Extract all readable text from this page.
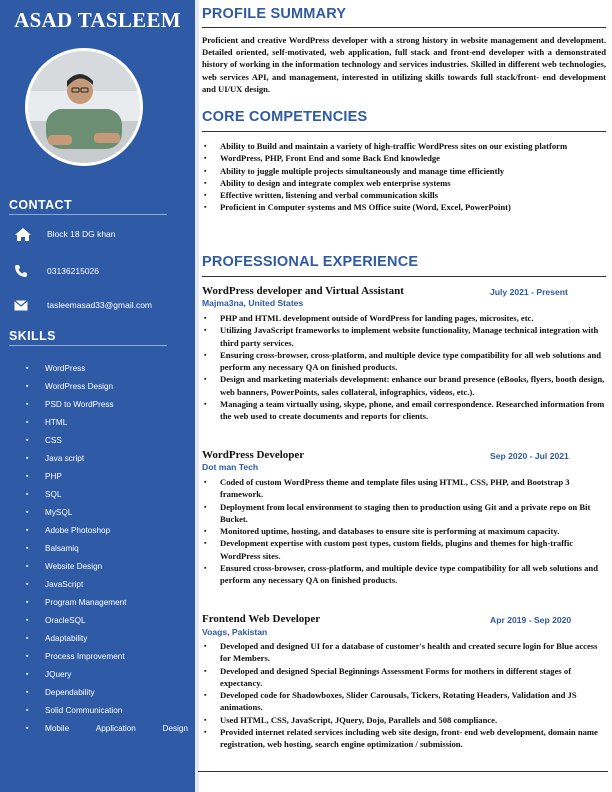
ASAD TASLEEM
CONTACT
Block 18 DG khan
03136215026
tasleemasad33@gmail.com
SKILLS
▪	WordPress
▪	WordPress Design
▪	PSD to WordPress
▪	HTML
▪	CSS
▪	Java script
▪	PHP
▪	SQL
▪	MySQL
▪	Adobe Photoshop
▪	Balsamiq
▪	Website Design
▪	JavaScript
▪	Program Management
▪	OracleSQL
▪	Adaptability
▪	Process Improvement
▪	JQuery
▪	Dependability
▪	Solid Communication
▪	Mobile	Application	Design
PROFILE SUMMARY
Proficient and creative WordPress developer with a strong history in website management and development. Detailed oriented, self-motivated, web application, full stack and front-end developer with a demonstrated history of working in the information technology and services industries. Skilled in different web technologies, web services API, and management, interested in utilizing skills towards full stack/front- end development and UI/UX design.
CORE COMPETENCIES
▪ Ability to Build and maintain a variety of high-traffic WordPress sites on our existing platform
▪ WordPress, PHP, Front End and some Back End knowledge
▪ Ability to juggle multiple projects simultaneously and manage time efficiently
▪ Ability to design and integrate complex web enterprise systems
▪ Effective written, listening and verbal communication skills
▪ Proficient in Computer systems and MS Office suite (Word, Excel, PowerPoint)
PROFESSIONAL EXPERIENCE
WordPress developer and Virtual Assistant	July 2021 - Present
Majma3na, United States
▪ PHP and HTML development outside of WordPress for landing pages, microsites, etc.
▪ Utilizing JavaScript frameworks to implement website functionality, Manage technical integration with third party services.
▪ Ensuring cross-browser, cross-platform, and multiple device type compatibility for all web solutions and perform any necessary QA on finished products.
▪ Design and marketing materials development: enhance our brand presence (eBooks, flyers, booth design, web banners, PowerPoints, sales collateral, infographics, videos, etc.).
▪ Managing a team virtually using, skype, phone, and email correspondence. Researched information from the web used to create documents and reports for clients.
WordPress Developer	Sep 2020 - Jul 2021
Dot man Tech
▪ Coded of custom WordPress theme and template files using HTML, CSS, PHP, and Bootstrap 3 framework.
▪ Deployment from local environment to staging then to production using Git and a private repo on Bit Bucket.
▪ Monitored uptime, hosting, and databases to ensure site is performing at maximum capacity.
▪ Development expertise with custom post types, custom fields, plugins and themes for high-traffic WordPress sites.
▪ Ensured cross-browser, cross-platform, and multiple device type compatibility for all web solutions and perform any necessary QA on finished products.
Frontend Web Developer	Apr 2019 - Sep 2020
Voags, Pakistan
▪ Developed and designed UI for a database of customer's health and created secure login for Blue access for Members.
▪ Developed and designed Special Beginnings Assessment Forms for mothers in different stages of expectancy.
▪ Developed code for Shadowboxes, Slider Carousals, Tickers, Rotating Headers, Validation and JS animations.
▪ Used HTML, CSS, JavaScript, JQuery, Dojo, Parallels and 508 compliance.
▪ Provided internet related services including web site design, front- end web development, domain name registration, web hosting, search engine optimization / submission.
